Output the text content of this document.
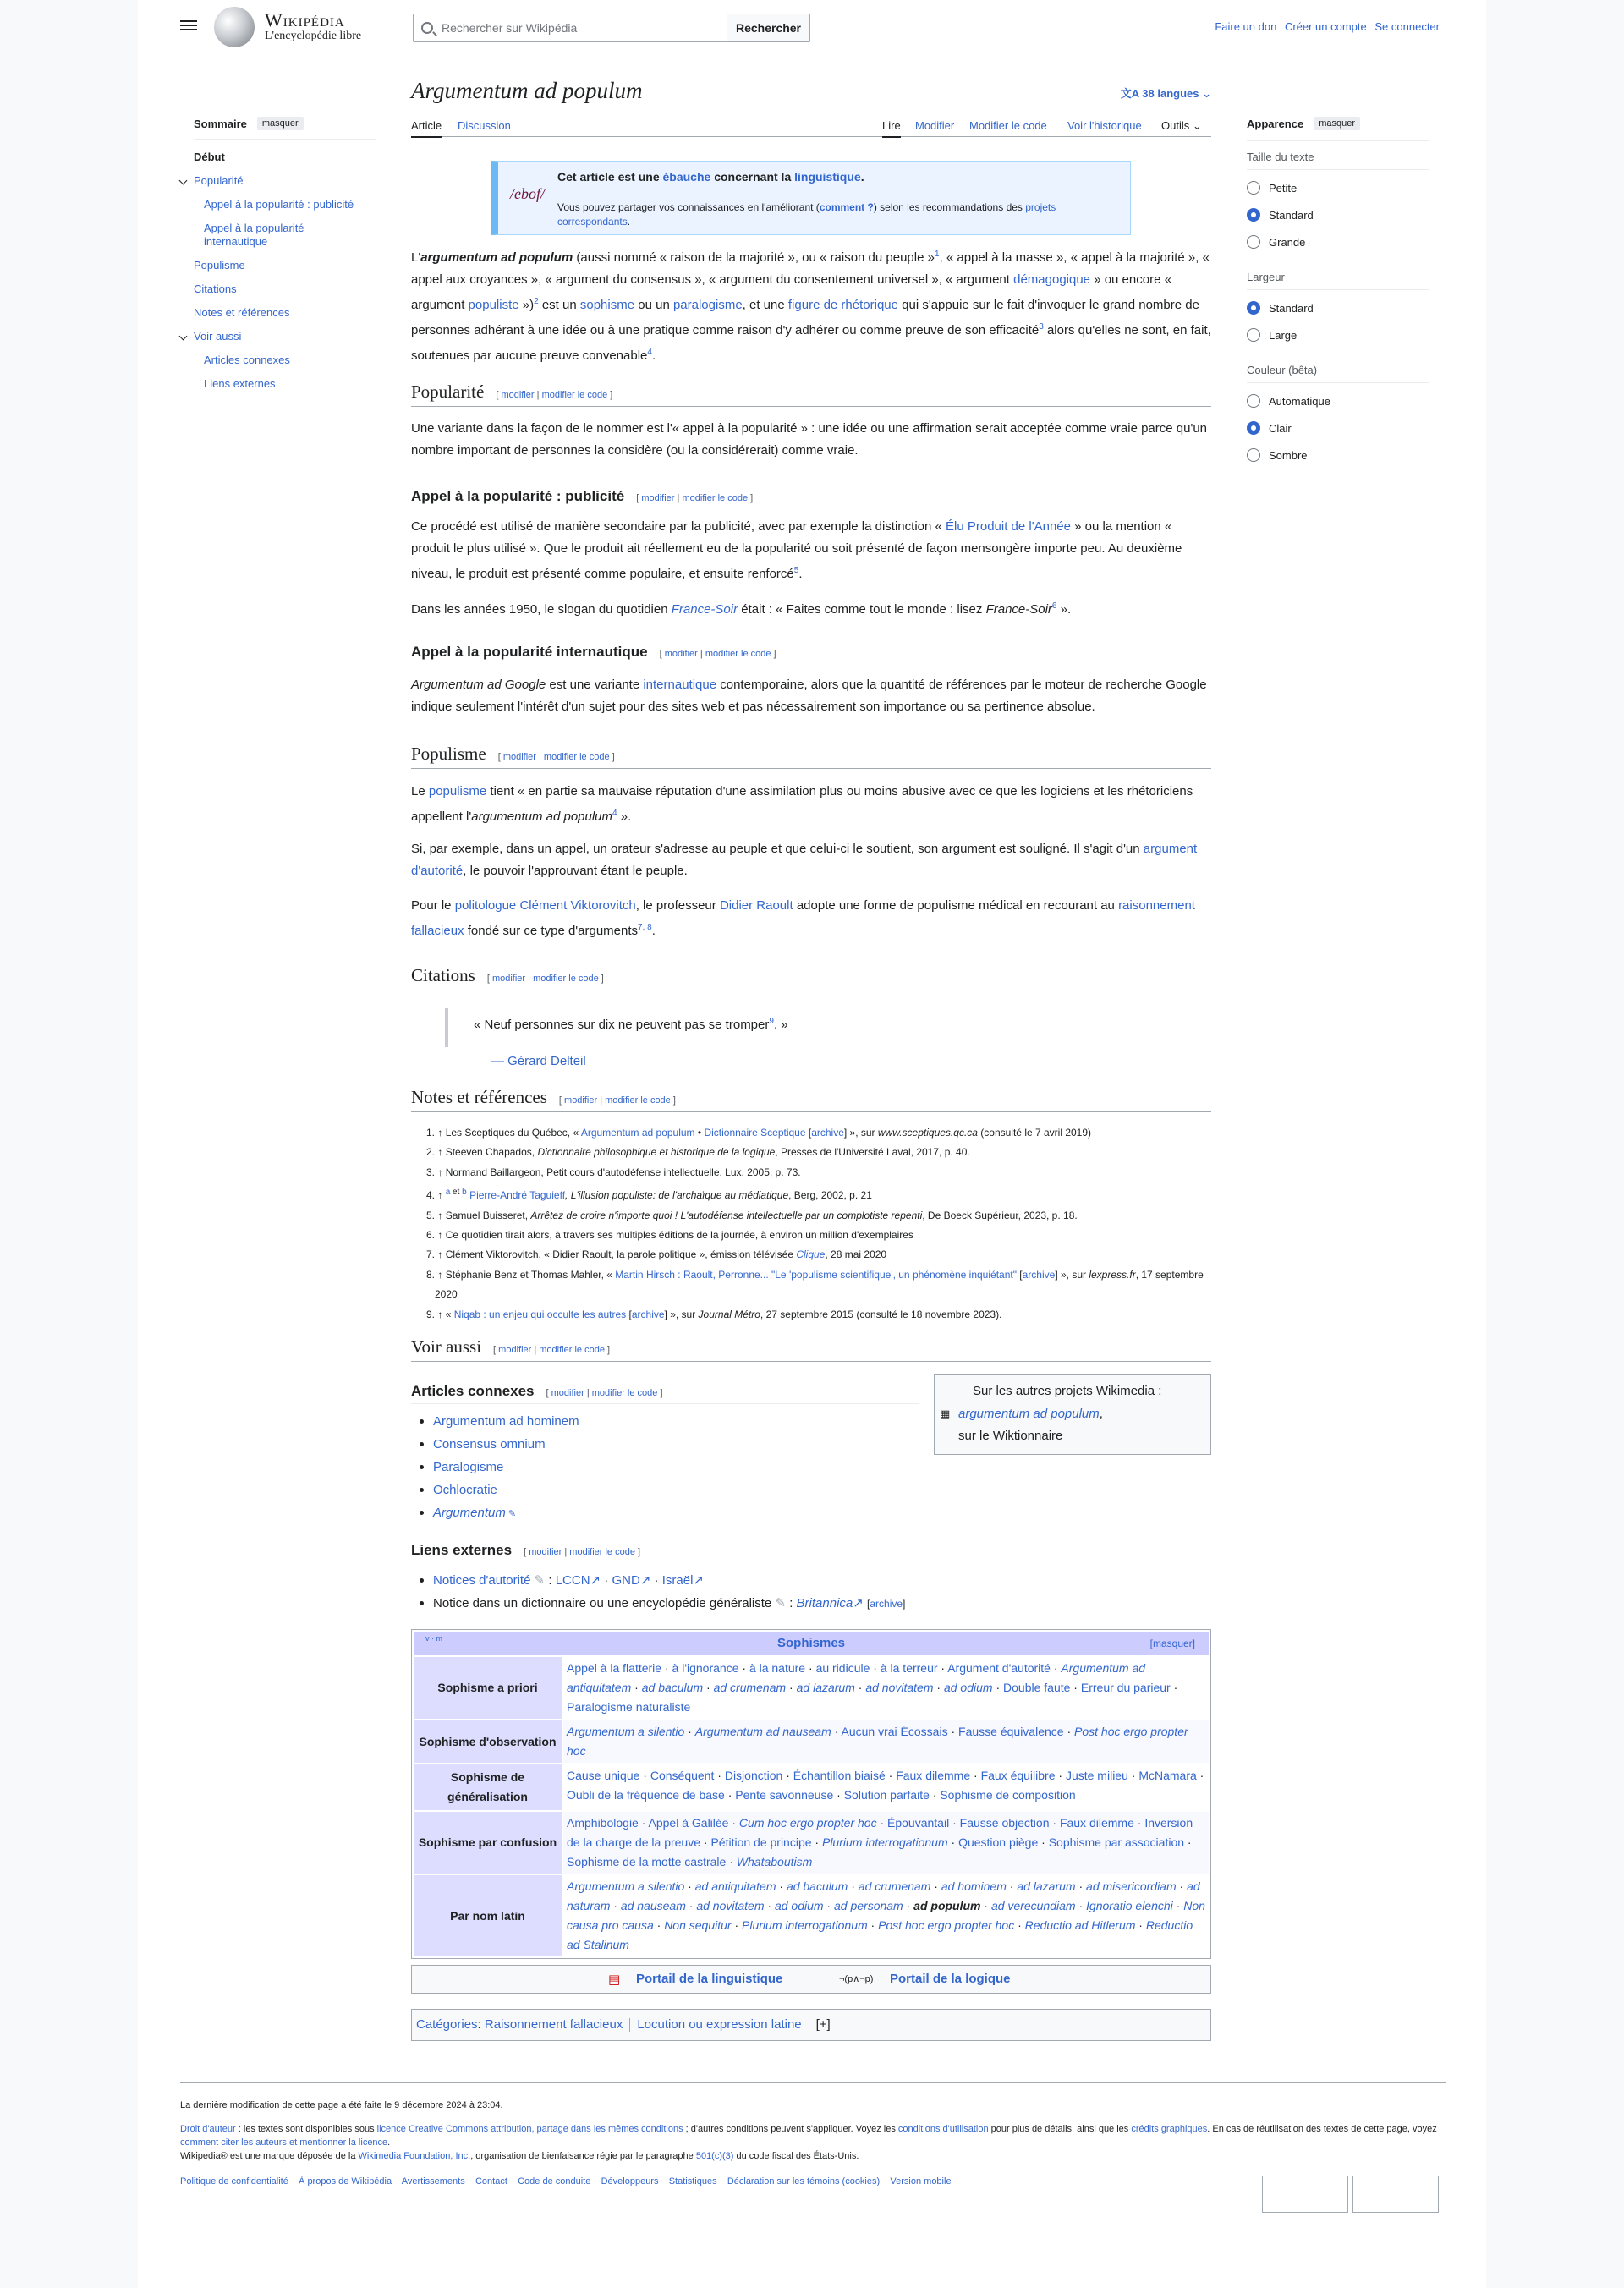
Wikipédia
L'encyclopédie libre
Rechercher sur Wikipédia	Rechercher	Faire un don Créer un compte Se connecter
Sommaire	masquer
Début
Popularité
Appel à la popularité : publicité
Appel à la popularité internautique
Populisme
Citations
Notes et références
Voir aussi
Articles connexes
Liens externes
Apparence	masquer
Taille du texte
Petite
Standard
Grande
Largeur
Standard
Large
Couleur (bêta)
Automatique
Clair
Sombre
Argumentum ad populum	文A 38 langues ⌄
Article Discussion	Lire Modifier Modifier le code Voir l'historique Outils ⌄
/ebof/
Cet article est une ébauche concernant la linguistique.
Vous pouvez partager vos connaissances en l'améliorant (comment ?) selon les recommandations des projets correspondants.

L'argumentum ad populum (aussi nommé « raison de la majorité », ou « raison du peuple »$^1$, « appel à la masse », « appel à la majorité », « appel aux croyances », « argument du consensus », « argument du consentement universel », « argument démagogique » ou encore « argument populiste »)$^2$ est un sophisme ou un paralogisme, et une figure de rhétorique qui s'appuie sur le fait d'invoquer le grand nombre de personnes adhérant à une idée ou à une pratique comme raison d'y adhérer ou comme preuve de son efficacité$^3$ alors qu'elles ne sont, en fait, soutenues par aucune preuve convenable$^4$.

Popularité [ modifier | modifier le code ]

Une variante dans la façon de le nommer est l'« appel à la popularité » : une idée ou une affirmation serait acceptée comme vraie parce qu'un nombre important de personnes la considère (ou la considérerait) comme vraie.

Appel à la popularité : publicité [ modifier | modifier le code ]

Ce procédé est utilisé de manière secondaire par la publicité, avec par exemple la distinction « Élu Produit de l'Année » ou la mention « produit le plus utilisé ». Que le produit ait réellement eu de la popularité ou soit présenté de façon mensongère importe peu. Au deuxième niveau, le produit est présenté comme populaire, et ensuite renforcé$^5$.

Dans les années 1950, le slogan du quotidien France-Soir était : « Faites comme tout le monde : lisez France-Soir$^6$ ».

Appel à la popularité internautique [ modifier | modifier le code ]

Argumentum ad Google est une variante internautique contemporaine, alors que la quantité de références par le moteur de recherche Google indique seulement l'intérêt d'un sujet pour des sites web et pas nécessairement son importance ou sa pertinence absolue.

Populisme [ modifier | modifier le code ]

Le populisme tient « en partie sa mauvaise réputation d'une assimilation plus ou moins abusive avec ce que les logiciens et les rhétoriciens appellent l'argumentum ad populum$^4$ ».

Si, par exemple, dans un appel, un orateur s'adresse au peuple et que celui-ci le soutient, son argument est souligné. Il s'agit d'un argument d'autorité, le pouvoir l'approuvant étant le peuple.

Pour le politologue Clément Viktorovitch, le professeur Didier Raoult adopte une forme de populisme médical en recourant au raisonnement fallacieux fondé sur ce type d'arguments$^{7, 8}$.

Citations [ modifier | modifier le code ]
« Neuf personnes sur dix ne peuvent pas se tromper$^9$. »
— Gérard Delteil
Notes et références [ modifier | modifier le code ]
1. ↑ Les Sceptiques du Québec, « Argumentum ad populum • Dictionnaire Sceptique [archive] », sur www.sceptiques.qc.ca (consulté le 7 avril 2019)
2. ↑ Steeven Chapados, Dictionnaire philosophique et historique de la logique, Presses de l'Université Laval, 2017, p. 40.
3. ↑ Normand Baillargeon, Petit cours d'autodéfense intellectuelle, Lux, 2005, p. 73.
4. ↑ $^a$ $^{et}$ $^b$ Pierre-André Taguieff, L'illusion populiste: de l'archaïque au médiatique, Berg, 2002, p. 21
5. ↑ Samuel Buisseret, Arrêtez de croire n'importe quoi ! L'autodéfense intellectuelle par un complotiste repenti, De Boeck Supérieur, 2023, p. 18.
6. ↑ Ce quotidien tirait alors, à travers ses multiples éditions de la journée, à environ un million d'exemplaires
7. ↑ Clément Viktorovitch, « Didier Raoult, la parole politique », émission télévisée Clique, 28 mai 2020
8. ↑ Stéphanie Benz et Thomas Mahler, « Martin Hirsch : Raoult, Perronne... "Le 'populisme scientifique', un phénomène inquiétant" [archive] », sur lexpress.fr, 17 septembre 2020
9. ↑ « Niqab : un enjeu qui occulte les autres [archive] », sur Journal Métro, 27 septembre 2015 (consulté le 18 novembre 2023).
Voir aussi [ modifier | modifier le code ]
Articles connexes [ modifier | modifier le code ]
Argumentum ad hominem
Consensus omnium
Paralogisme
Ochlocratie
Argumentum ✎
Sur les autres projets Wikimedia :
▦ argumentum ad populum,
sur le Wiktionnaire
Liens externes [ modifier | modifier le code ]
Notices d'autorité ✎ : LCCN↗ · GND↗ · Israël↗
Notice dans un dictionnaire ou une encyclopédie généraliste ✎ : Britannica↗ [archive]
v · m	Sophismes	[masquer]
Sophisme a priori
Appel à la flatterie · à l'ignorance · à la nature · au ridicule · à la terreur · Argument d'autorité · Argumentum ad antiquitatem · ad baculum · ad crumenam · ad lazarum · ad novitatem · ad odium · Double faute · Erreur du parieur · Paralogisme naturaliste
Sophisme d'observation
Argumentum a silentio · Argumentum ad nauseam · Aucun vrai Écossais · Fausse équivalence · Post hoc ergo propter hoc
Sophisme de généralisation
Cause unique · Conséquent · Disjonction · Échantillon biaisé · Faux dilemme · Faux équilibre · Juste milieu · McNamara · Oubli de la fréquence de base · Pente savonneuse · Solution parfaite · Sophisme de composition
Sophisme par confusion
Amphibologie · Appel à Galilée · Cum hoc ergo propter hoc · Épouvantail · Fausse objection · Faux dilemme · Inversion de la charge de la preuve · Pétition de principe · Plurium interrogationum · Question piège · Sophisme par association · Sophisme de la motte castrale · Whataboutism
Par nom latin
Argumentum a silentio · ad antiquitatem · ad baculum · ad crumenam · ad hominem · ad lazarum · ad misericordiam · ad naturam · ad nauseam · ad novitatem · ad odium · ad personam · ad populum · ad verecundiam · Ignoratio elenchi · Non causa pro causa · Non sequitur · Plurium interrogationum · Post hoc ergo propter hoc · Reductio ad Hitlerum · Reductio ad Stalinum
▤ Portail de la linguistique	¬(p∧¬p) Portail de la logique
Catégories: Raisonnement fallacieux Locution ou expression latine [+]
La dernière modification de cette page a été faite le 9 décembre 2024 à 23:04.
Droit d'auteur : les textes sont disponibles sous licence Creative Commons attribution, partage dans les mêmes conditions ; d'autres conditions peuvent s'appliquer. Voyez les conditions d'utilisation pour plus de détails, ainsi que les crédits graphiques. En cas de réutilisation des textes de cette page, voyez comment citer les auteurs et mentionner la licence.
Wikipedia® est une marque déposée de la Wikimedia Foundation, Inc., organisation de bienfaisance régie par le paragraphe 501(c)(3) du code fiscal des États-Unis.
Politique de confidentialité À propos de Wikipédia Avertissements Contact Code de conduite Développeurs Statistiques Déclaration sur les témoins (cookies) Version mobile
